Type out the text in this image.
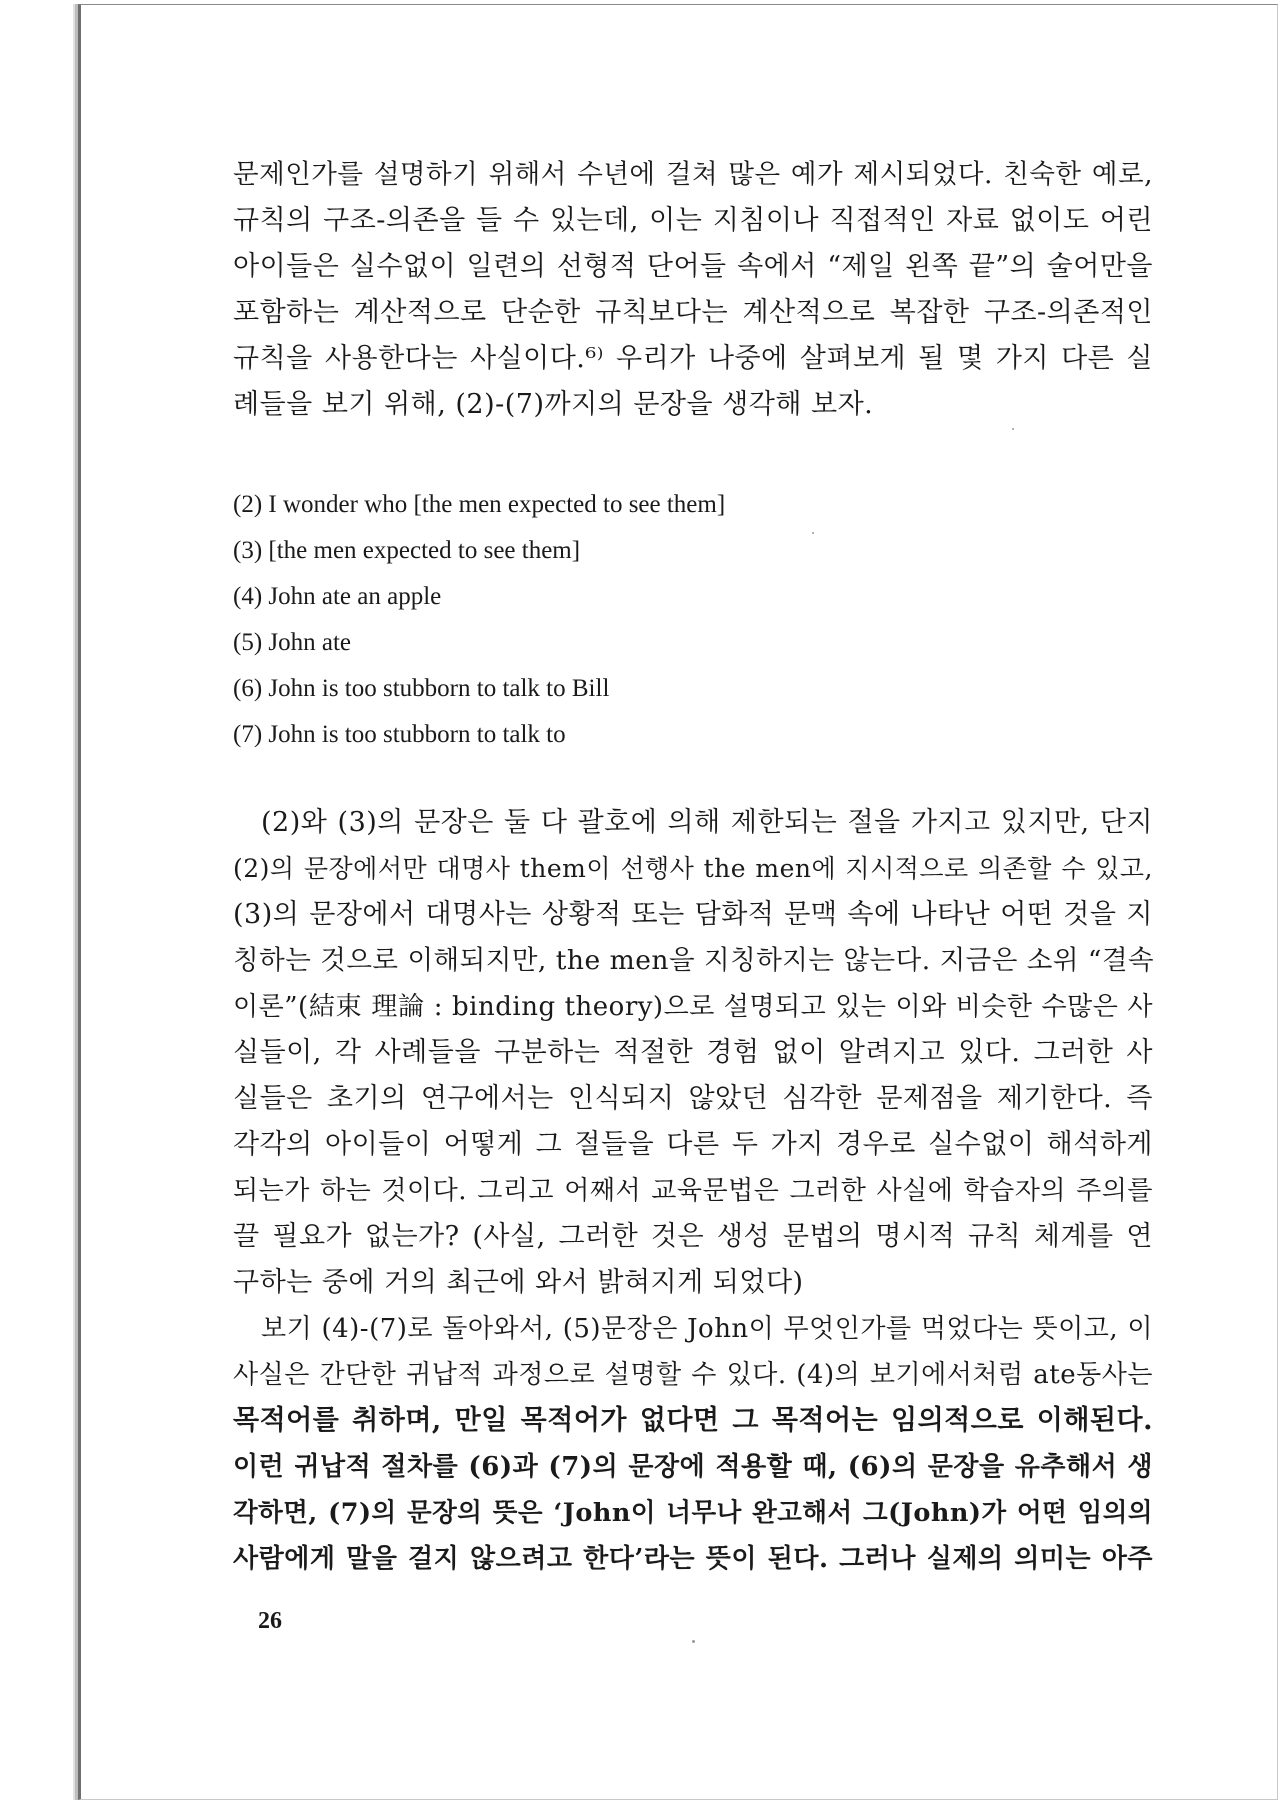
문제인가를 설명하기 위해서 수년에 걸쳐 많은 예가 제시되었다. 친숙한 예로,
규칙의 구조-의존을 들 수 있는데, 이는 지침이나 직접적인 자료 없이도 어린
아이들은 실수없이 일련의 선형적 단어들 속에서 “제일 왼쪽 끝”의 술어만을
포함하는 계산적으로 단순한 규칙보다는 계산적으로 복잡한 구조-의존적인
규칙을 사용한다는 사실이다.⁶⁾ 우리가 나중에 살펴보게 될 몇 가지 다른 실
례들을 보기 위해, (2)-(7)까지의 문장을 생각해 보자.
(2) I wonder who [the men expected to see them]
(3) [the men expected to see them]
(4) John ate an apple
(5) John ate
(6) John is too stubborn to talk to Bill
(7) John is too stubborn to talk to
(2)와 (3)의 문장은 둘 다 괄호에 의해 제한되는 절을 가지고 있지만, 단지
(2)의 문장에서만 대명사 them이 선행사 the men에 지시적으로 의존할 수 있고,
(3)의 문장에서 대명사는 상황적 또는 담화적 문맥 속에 나타난 어떤 것을 지
칭하는 것으로 이해되지만, the men을 지칭하지는 않는다. 지금은 소위 “결속
이론”(結束 理論 : binding theory)으로 설명되고 있는 이와 비슷한 수많은 사
실들이, 각 사례들을 구분하는 적절한 경험 없이 알려지고 있다. 그러한 사
실들은 초기의 연구에서는 인식되지 않았던 심각한 문제점을 제기한다. 즉
각각의 아이들이 어떻게 그 절들을 다른 두 가지 경우로 실수없이 해석하게
되는가 하는 것이다. 그리고 어째서 교육문법은 그러한 사실에 학습자의 주의를
끌 필요가 없는가? (사실, 그러한 것은 생성 문법의 명시적 규칙 체계를 연
구하는 중에 거의 최근에 와서 밝혀지게 되었다)
보기 (4)-(7)로 돌아와서, (5)문장은 John이 무엇인가를 먹었다는 뜻이고, 이
사실은 간단한 귀납적 과정으로 설명할 수 있다. (4)의 보기에서처럼 ate동사는
목적어를 취하며, 만일 목적어가 없다면 그 목적어는 임의적으로 이해된다.
이런 귀납적 절차를 (6)과 (7)의 문장에 적용할 때, (6)의 문장을 유추해서 생
각하면, (7)의 문장의 뜻은 ‘John이 너무나 완고해서 그(John)가 어떤 임의의
사람에게 말을 걸지 않으려고 한다’라는 뜻이 된다. 그러나 실제의 의미는 아주
26
